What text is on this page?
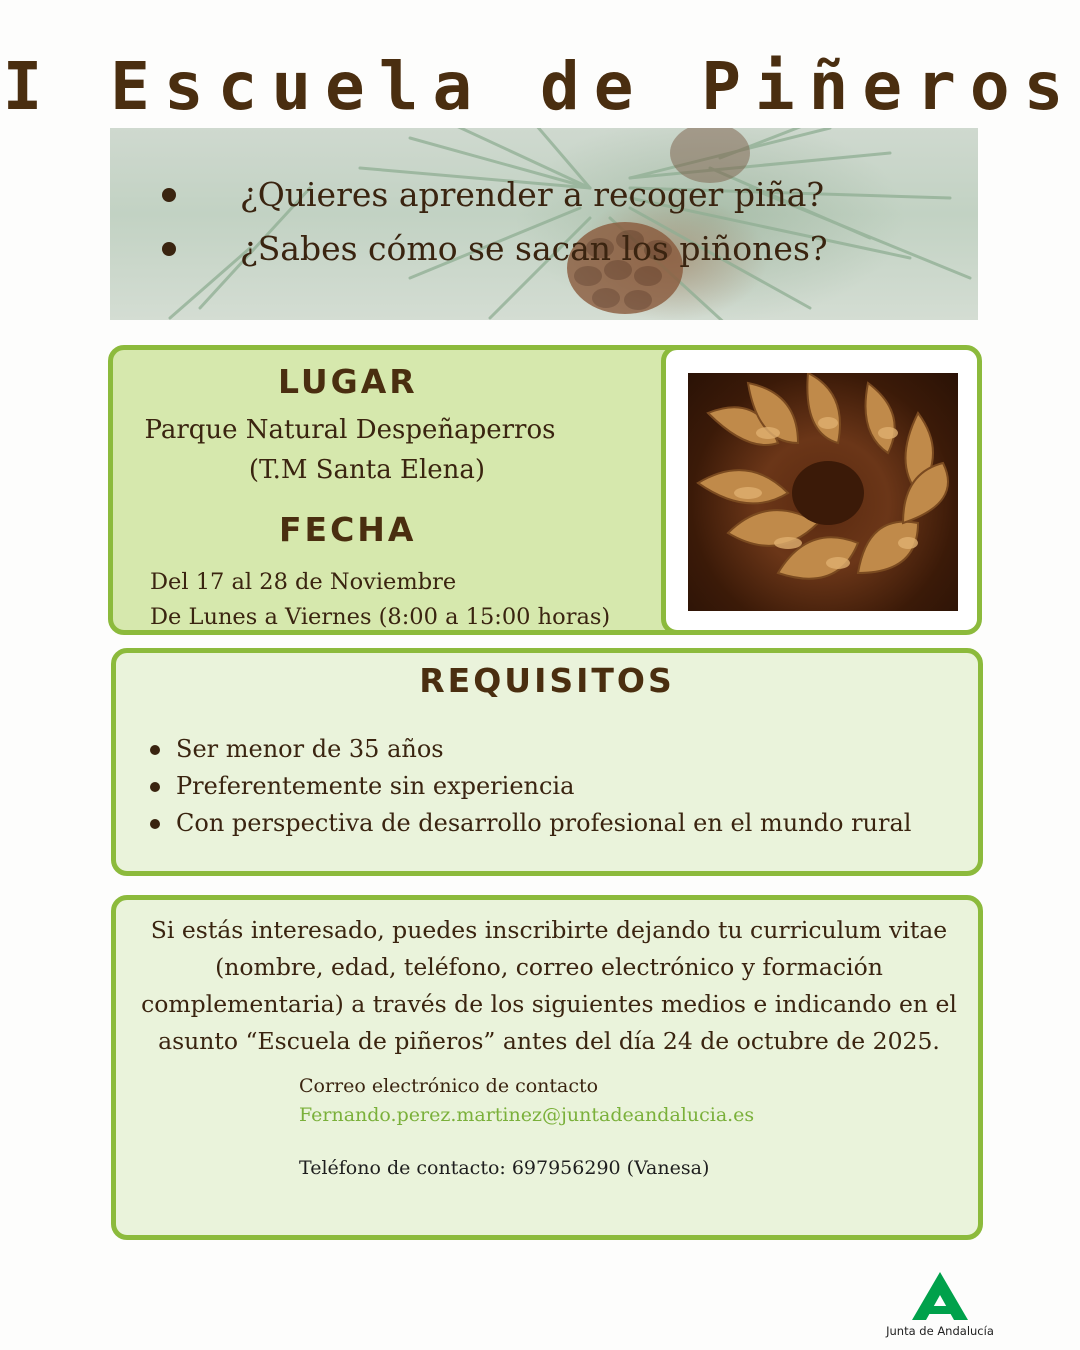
I Escuela de Piñeros
¿Quieres aprender a recoger piña?
¿Sabes cómo se sacan los piñones?
LUGAR
Parque Natural Despeñaperros
(T.M Santa Elena)
FECHA
Del 17 al 28 de Noviembre
De Lunes a Viernes (8:00 a 15:00 horas)
REQUISITOS
Ser menor de 35 años
Preferentemente sin experiencia
Con perspectiva de desarrollo profesional en el mundo rural

Si estás interesado, puedes inscribirte dejando tu curriculum vitae (nombre, edad, teléfono, correo electrónico y formación complementaria) a través de los siguientes medios e indicando en el asunto “Escuela de piñeros” antes del día 24 de octubre de 2025.

Correo electrónico de contacto
Fernando.perez.martinez@juntadeandalucia.es
Teléfono de contacto: 697956290 (Vanesa)
Junta de Andalucía
